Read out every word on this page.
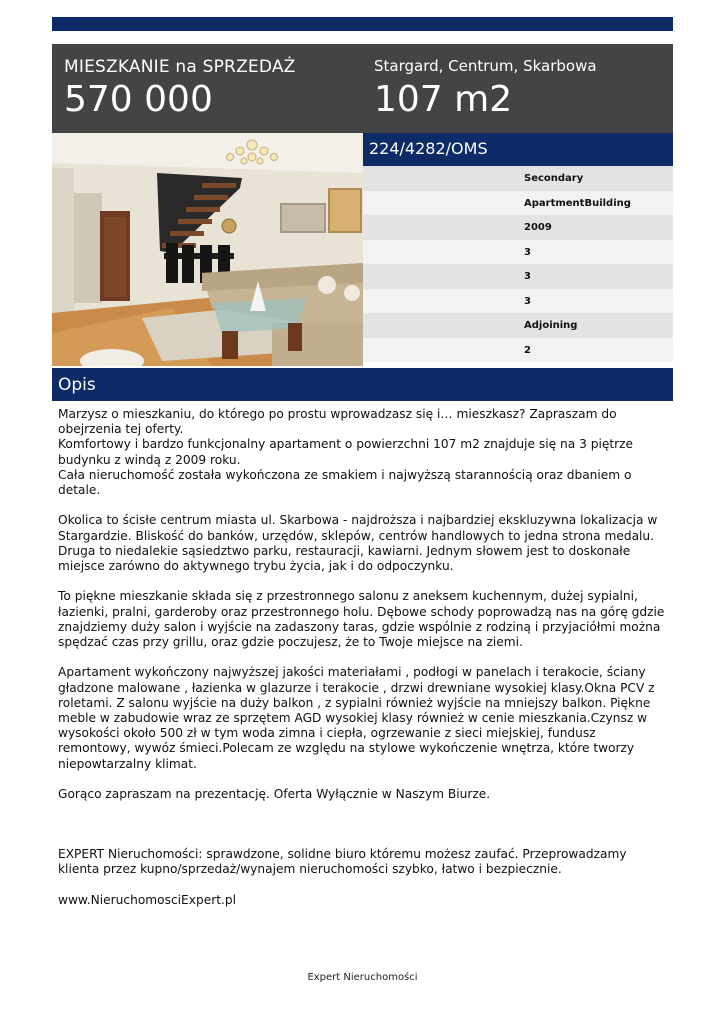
MIESZKANIE na SPRZEDAŻ
570 000
Stargard, Centrum, Skarbowa
107 m2
224/4282/OMS
Secondary
ApartmentBuilding
2009
3
3
3
Adjoining
2
Opis

Marzysz o mieszkaniu, do którego po prostu wprowadzasz się i… mieszkasz? Zapraszam do obejrzenia tej oferty.

Komfortowy i bardzo funkcjonalny apartament o powierzchni 107 m2 znajduje się na 3 piętrze budynku z windą z 2009 roku.

Cała nieruchomość została wykończona ze smakiem i najwyższą starannością oraz dbaniem o detale.

Okolica to ścisłe centrum miasta ul. Skarbowa - najdroższa i najbardziej ekskluzywna lokalizacja w Stargardzie. Bliskość do banków, urzędów, sklepów, centrów handlowych to jedna strona medalu. Druga to niedalekie sąsiedztwo parku, restauracji, kawiarni. Jednym słowem jest to doskonałe miejsce zarówno do aktywnego trybu życia, jak i do odpoczynku.

To piękne mieszkanie składa się z przestronnego salonu z aneksem kuchennym, dużej sypialni, łazienki, pralni, garderoby oraz przestronnego holu. Dębowe schody poprowadzą nas na górę gdzie znajdziemy duży salon i wyjście na zadaszony taras, gdzie wspólnie z rodziną i przyjaciółmi można spędzać czas przy grillu, oraz gdzie poczujesz, że to Twoje miejsce na ziemi.

Apartament wykończony najwyższej jakości materiałami , podłogi w panelach i terakocie, ściany gładzone malowane , łazienka w glazurze i terakocie , drzwi drewniane wysokiej klasy.Okna PCV z roletami. Z salonu wyjście na duży balkon , z sypialni również wyjście na mniejszy balkon. Piękne meble w zabudowie wraz ze sprzętem AGD wysokiej klasy również w cenie mieszkania.Czynsz w wysokości około 500 zł w tym woda zimna i ciepła, ogrzewanie z sieci miejskiej, fundusz remontowy, wywóz śmieci.Polecam ze względu na stylowe wykończenie wnętrza, które tworzy niepowtarzalny klimat.

Gorąco zapraszam na prezentację. Oferta Wyłącznie w Naszym Biurze.

EXPERT Nieruchomości: sprawdzone, solidne biuro któremu możesz zaufać. Przeprowadzamy klienta przez kupno/sprzedaż/wynajem nieruchomości szybko, łatwo i bezpiecznie.

www.NieruchomosciExpert.pl

Expert Nieruchomości
